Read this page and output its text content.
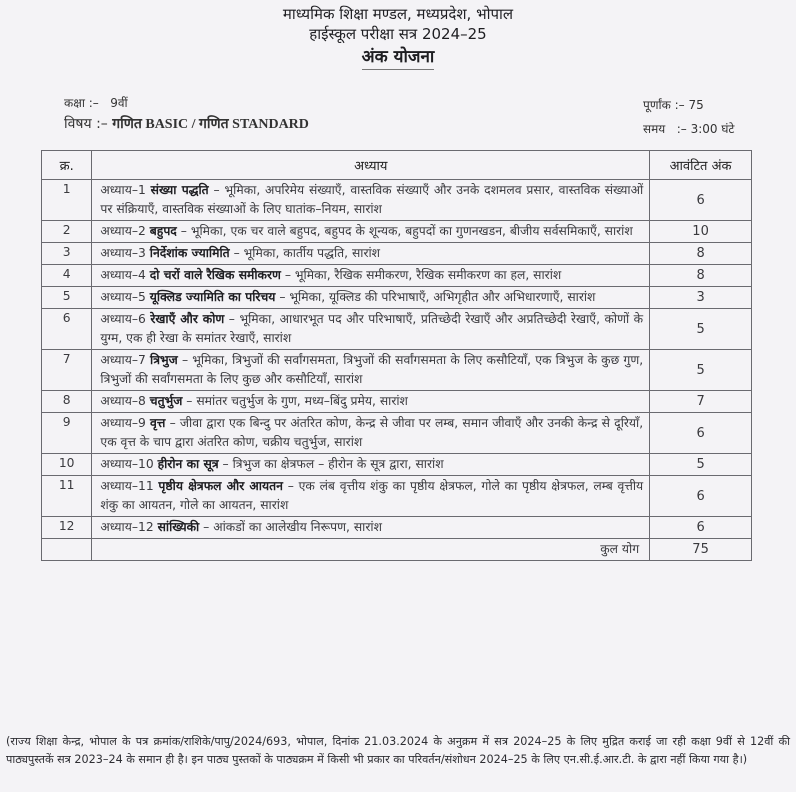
माध्यमिक शिक्षा मण्डल, मध्यप्रदेश, भोपाल
हाईस्कूल परीक्षा सत्र 2024–25
अंक योजना
कक्षा :– 9वीं
विषय :– गणित BASIC / गणित STANDARD
पूर्णांक :– 75
समय   :– 3:00 घंटे
क्र.	अध्याय	आवंटित अंक
1	अध्याय–1 संख्या पद्धति – भूमिका, अपरिमेय संख्याएँ, वास्तविक संख्याएँ और उनके दशमलव प्रसार, वास्तविक संख्याओं पर संक्रियाएँ, वास्तविक संख्याओं के लिए घातांक–नियम, सारांश	6
2	अध्याय–2 बहुपद – भूमिका, एक चर वाले बहुपद, बहुपद के शून्यक, बहुपदों का गुणनखडन, बीजीय सर्वसमिकाएँ, सारांश	10
3	अध्याय–3 निर्देशांक ज्यामिति – भूमिका, कार्तीय पद्धति, सारांश	8
4	अध्याय–4 दो चरों वाले रैखिक समीकरण – भूमिका, रैखिक समीकरण, रैखिक समीकरण का हल, सारांश	8
5	अध्याय–5 यूक्लिड ज्यामिति का परिचय – भूमिका, यूक्लिड की परिभाषाएँ, अभिगृहीत और अभिधारणाएँ, सारांश	3
6	अध्याय–6 रेखाएँ और कोण – भूमिका, आधारभूत पद और परिभाषाएँ, प्रतिच्छेदी रेखाएँ और अप्रतिच्छेदी रेखाएँ, कोणों के युग्म, एक ही रेखा के समांतर रेखाएँ, सारांश	5
7	अध्याय–7 त्रिभुज – भूमिका, त्रिभुजों की सर्वांगसमता, त्रिभुजों की सर्वांगसमता के लिए कसौटियाँ, एक त्रिभुज के कुछ गुण, त्रिभुजों की सर्वांगसमता के लिए कुछ और कसौटियाँ, सारांश	5
8	अध्याय–8 चतुर्भुज – समांतर चतुर्भुज के गुण, मध्य–बिंदु प्रमेय, सारांश	7
9	अध्याय–9 वृत्त – जीवा द्वारा एक बिन्दु पर अंतरित कोण, केन्द्र से जीवा पर लम्ब, समान जीवाएँ और उनकी केन्द्र से दूरियाँ, एक वृत्त के चाप द्वारा अंतरित कोण, चक्रीय चतुर्भुज, सारांश	6
10	अध्याय–10 हीरोन का सूत्र – त्रिभुज का क्षेत्रफल – हीरोन के सूत्र द्वारा, सारांश	5
11	अध्याय–11 पृष्ठीय क्षेत्रफल और आयतन – एक लंब वृत्तीय शंकु का पृष्ठीय क्षेत्रफल, गोले का पृष्ठीय क्षेत्रफल, लम्ब वृत्तीय शंकु का आयतन, गोले का आयतन, सारांश	6
12	अध्याय–12 सांख्यिकी – आंकडों का आलेखीय निरूपण, सारांश	6
	कुल योग	75
(राज्य शिक्षा केन्द्र, भोपाल के पत्र क्रमांक/राशिके/पापु/2024/693, भोपाल, दिनांक 21.03.2024 के अनुक्रम में सत्र 2024–25 के लिए मुद्रित कराई जा रही कक्षा 9वीं से 12वीं की पाठ्यपुस्तकें सत्र 2023–24 के समान ही है। इन पाठ्य पुस्तकों के पाठ्यक्रम में किसी भी प्रकार का परिवर्तन/संशोधन 2024–25 के लिए एन.सी.ई.आर.टी. के द्वारा नहीं किया गया है।)
